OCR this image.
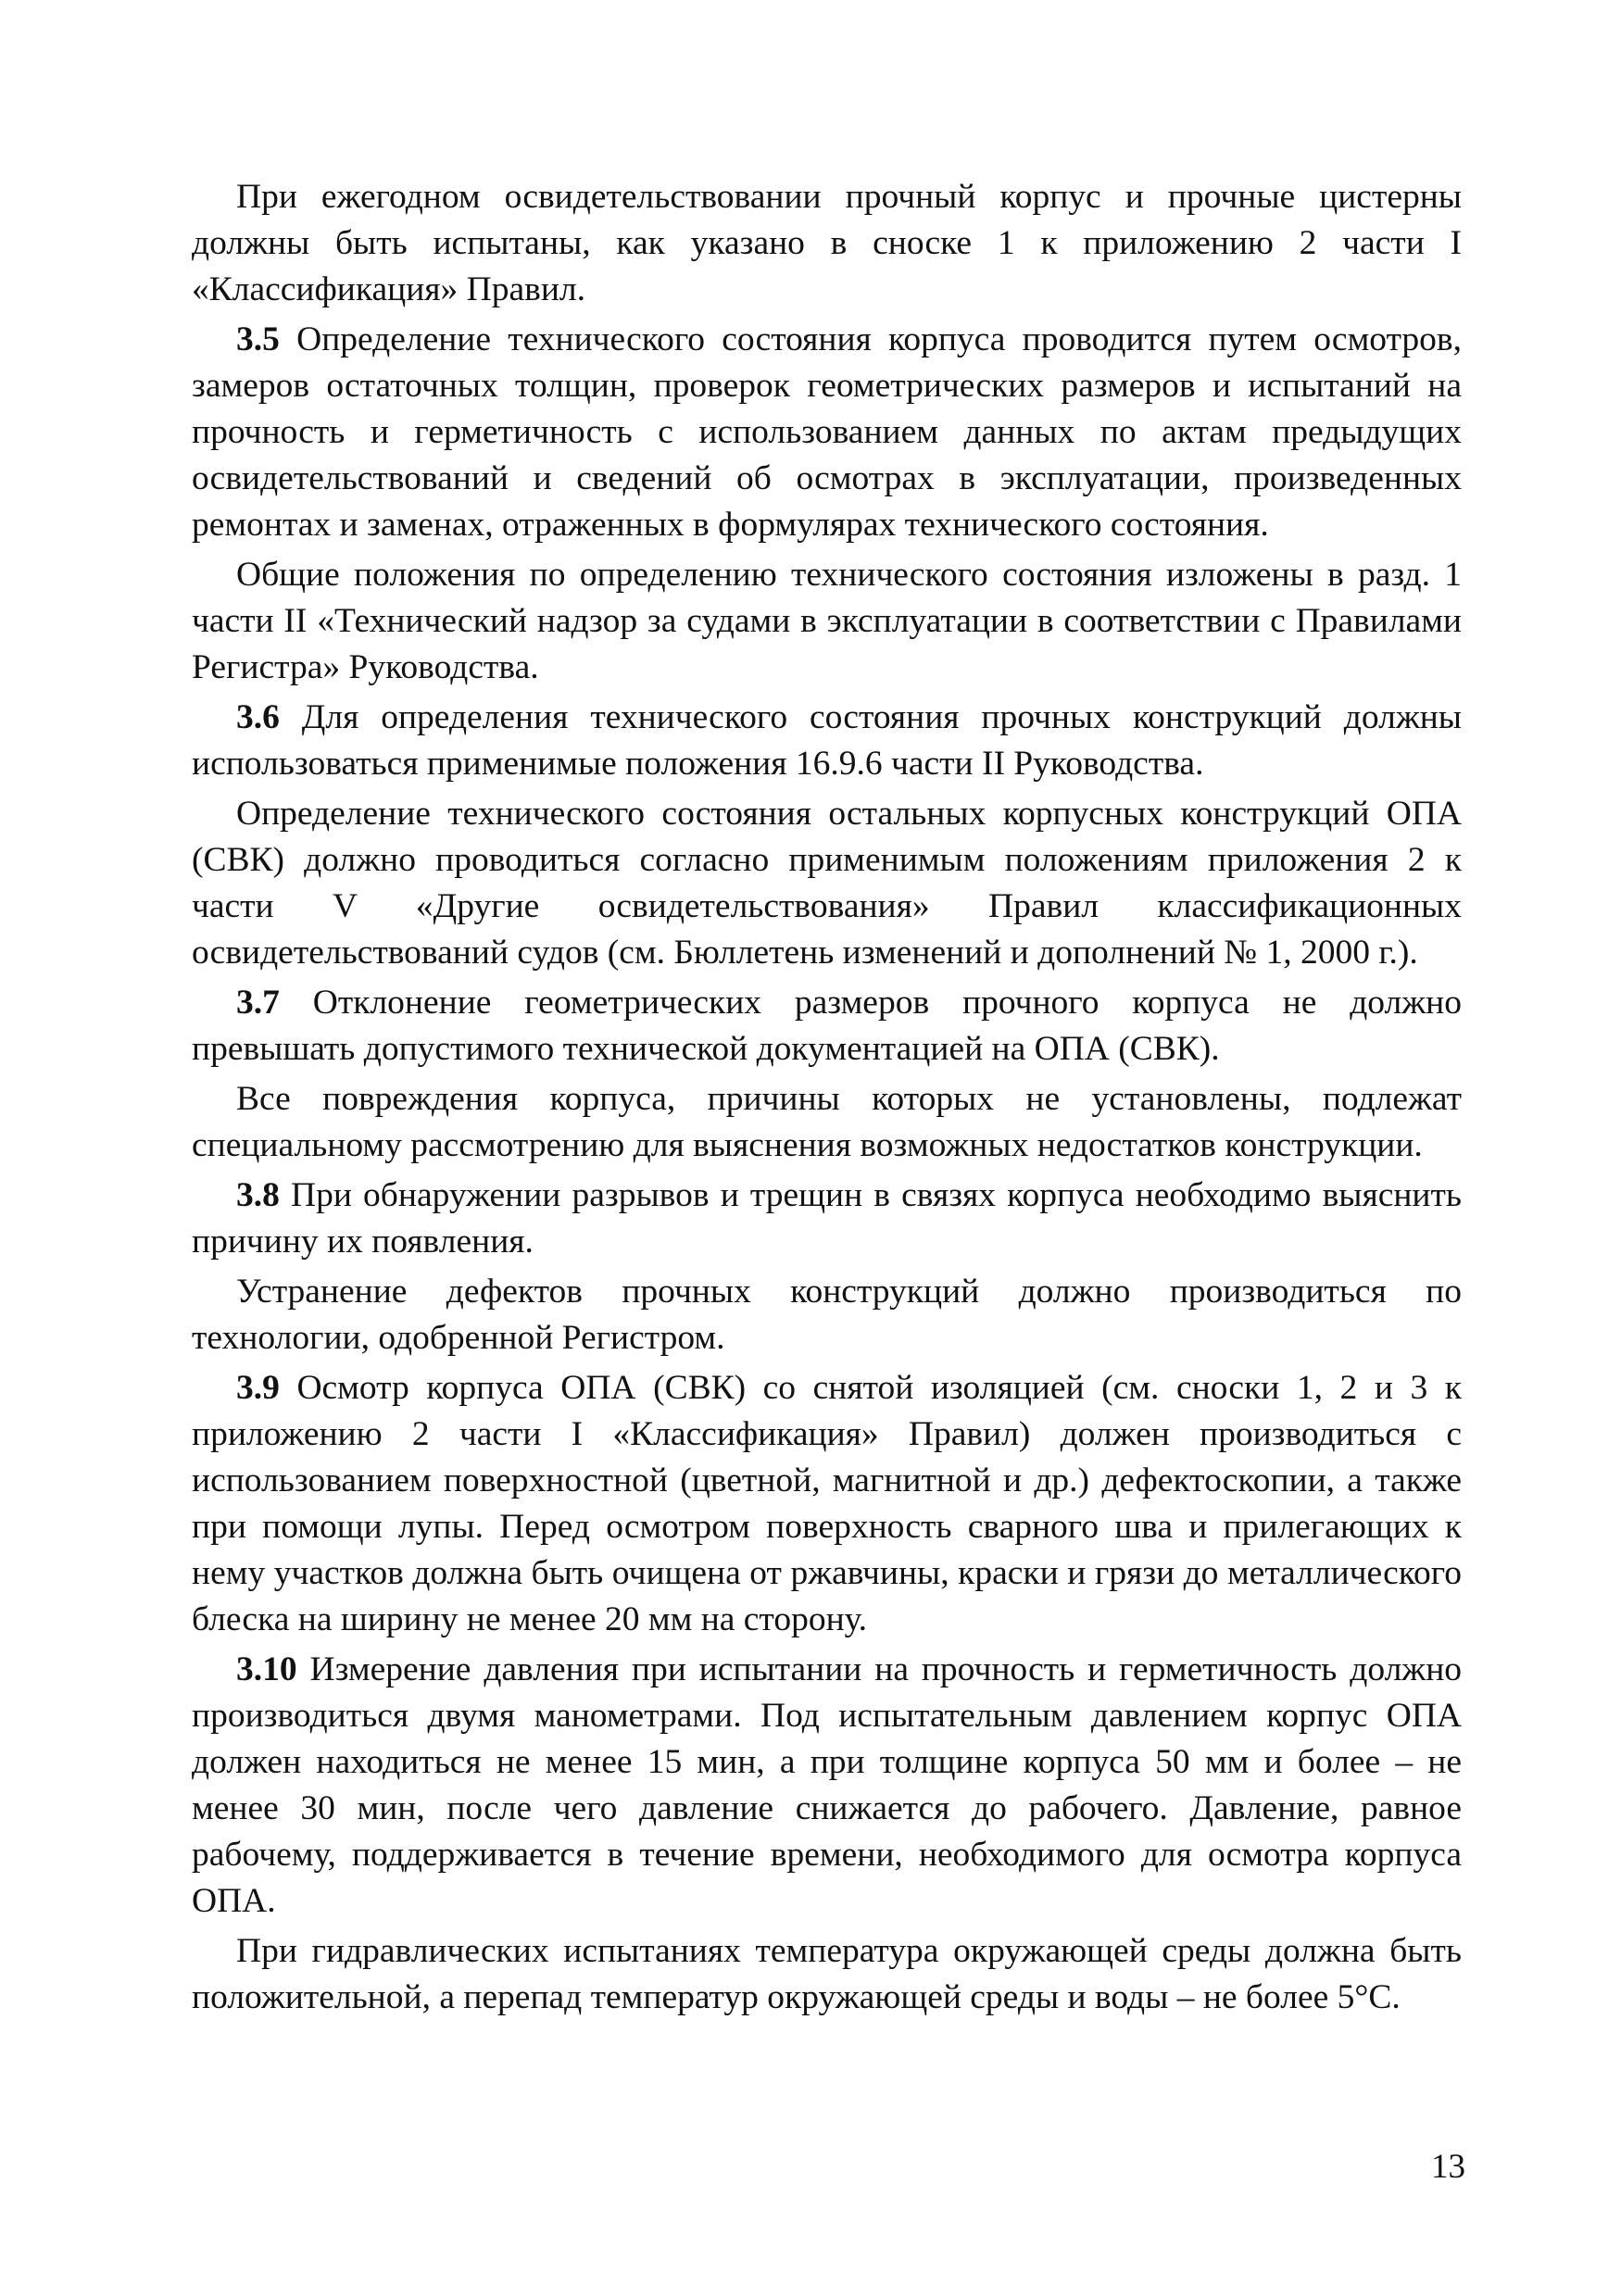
При ежегодном освидетельствовании прочный корпус и прочные цистерны должны быть испытаны, как указано в сноске 1 к приложению 2 части I «Классификация» Правил.

3.5 Определение технического состояния корпуса проводится путем осмотров, замеров остаточных толщин, проверок геометрических размеров и испытаний на прочность и герметичность с использованием данных по актам предыдущих освидетельствований и сведений об осмотрах в эксплуатации, произведенных ремонтах и заменах, отраженных в формулярах технического состояния.

Общие положения по определению технического состояния изложены в разд. 1 части II «Технический надзор за судами в эксплуатации в соответствии с Правилами Регистра» Руководства.

3.6 Для определения технического состояния прочных конструкций должны использоваться применимые положения 16.9.6 части II Руководства.

Определение технического состояния остальных корпусных конструкций ОПА (СВК) должно проводиться согласно применимым положениям приложения 2 к части V «Другие освидетельствования» Правил классификационных освидетельствований судов (см. Бюллетень изменений и дополнений № 1, 2000 г.).

3.7 Отклонение геометрических размеров прочного корпуса не должно превышать допустимого технической документацией на ОПА (СВК).

Все повреждения корпуса, причины которых не установлены, подлежат специальному рассмотрению для выяснения возможных недостатков конструкции.

3.8 При обнаружении разрывов и трещин в связях корпуса необходимо выяснить причину их появления.

Устранение дефектов прочных конструкций должно производиться по технологии, одобренной Регистром.

3.9 Осмотр корпуса ОПА (СВК) со снятой изоляцией (см. сноски 1, 2 и 3 к приложению 2 части I «Классификация» Правил) должен производиться с использованием поверхностной (цветной, магнитной и др.) дефектоскопии, а также при помощи лупы. Перед осмотром поверхность сварного шва и прилегающих к нему участков должна быть очищена от ржавчины, краски и грязи до металлического блеска на ширину не менее 20 мм на сторону.

3.10 Измерение давления при испытании на прочность и герметичность должно производиться двумя манометрами. Под испытательным давлением корпус ОПА должен находиться не менее 15 мин, а при толщине корпуса 50 мм и более – не менее 30 мин, после чего давление снижается до рабочего. Давление, равное рабочему, поддерживается в течение времени, необходимого для осмотра корпуса ОПА.

При гидравлических испытаниях температура окружающей среды должна быть положительной, а перепад температур окружающей среды и воды – не более 5°С.

13
